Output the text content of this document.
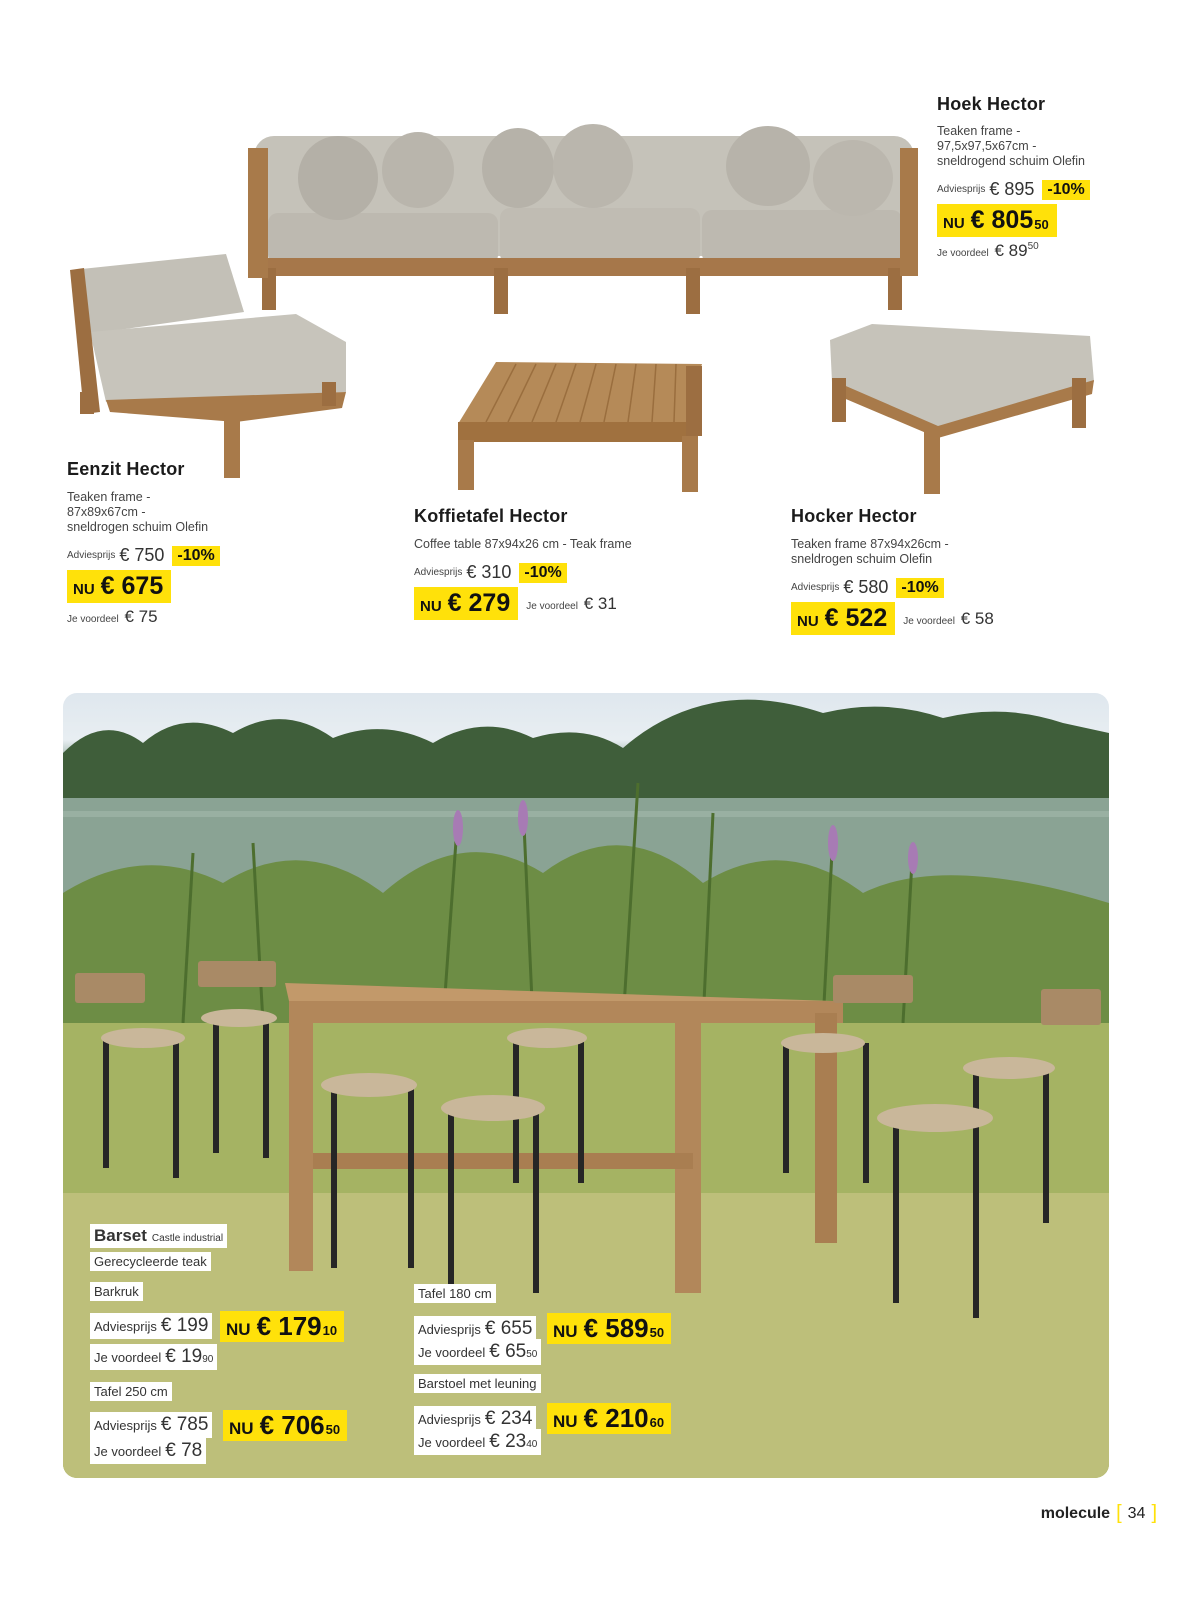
Hoek Hector
Teaken frame -
97,5x97,5x67cm -
sneldrogend schuim Olefin
Adviesprijs € 895 -10%
NU € $805^{50}$
Je voordeel € $89^{50}$
Eenzit Hector
Teaken frame -
87x89x67cm -
sneldrogen schuim Olefin
Adviesprijs € 750 -10%
NU € 675
Je voordeel € 75
Koffietafel Hector
Coffee table 87x94x26 cm - Teak frame
Adviesprijs € 310 -10%
NU € 279 Je voordeel € 31
Hocker Hector
Teaken frame 87x94x26cm -
sneldrogen schuim Olefin
Adviesprijs € 580 -10%
NU € 522 Je voordeel € 58
Barset Castle industrial
Gerecycleerde teak
Barkruk
Adviesprijs € 199 NU € $179_{10}$
Je voordeel € 19 90
Tafel 250 cm
Adviesprijs € 785 NU € $706_{50}$
Je voordeel € 78
Tafel 180 cm
Adviesprijs € 655 NU € $589_{50}$
Je voordeel € 65 50
Barstoel met leuning
Adviesprijs € 234 NU € $210_{60}$
Je voordeel € 23 40
molecule [ 34 ]
